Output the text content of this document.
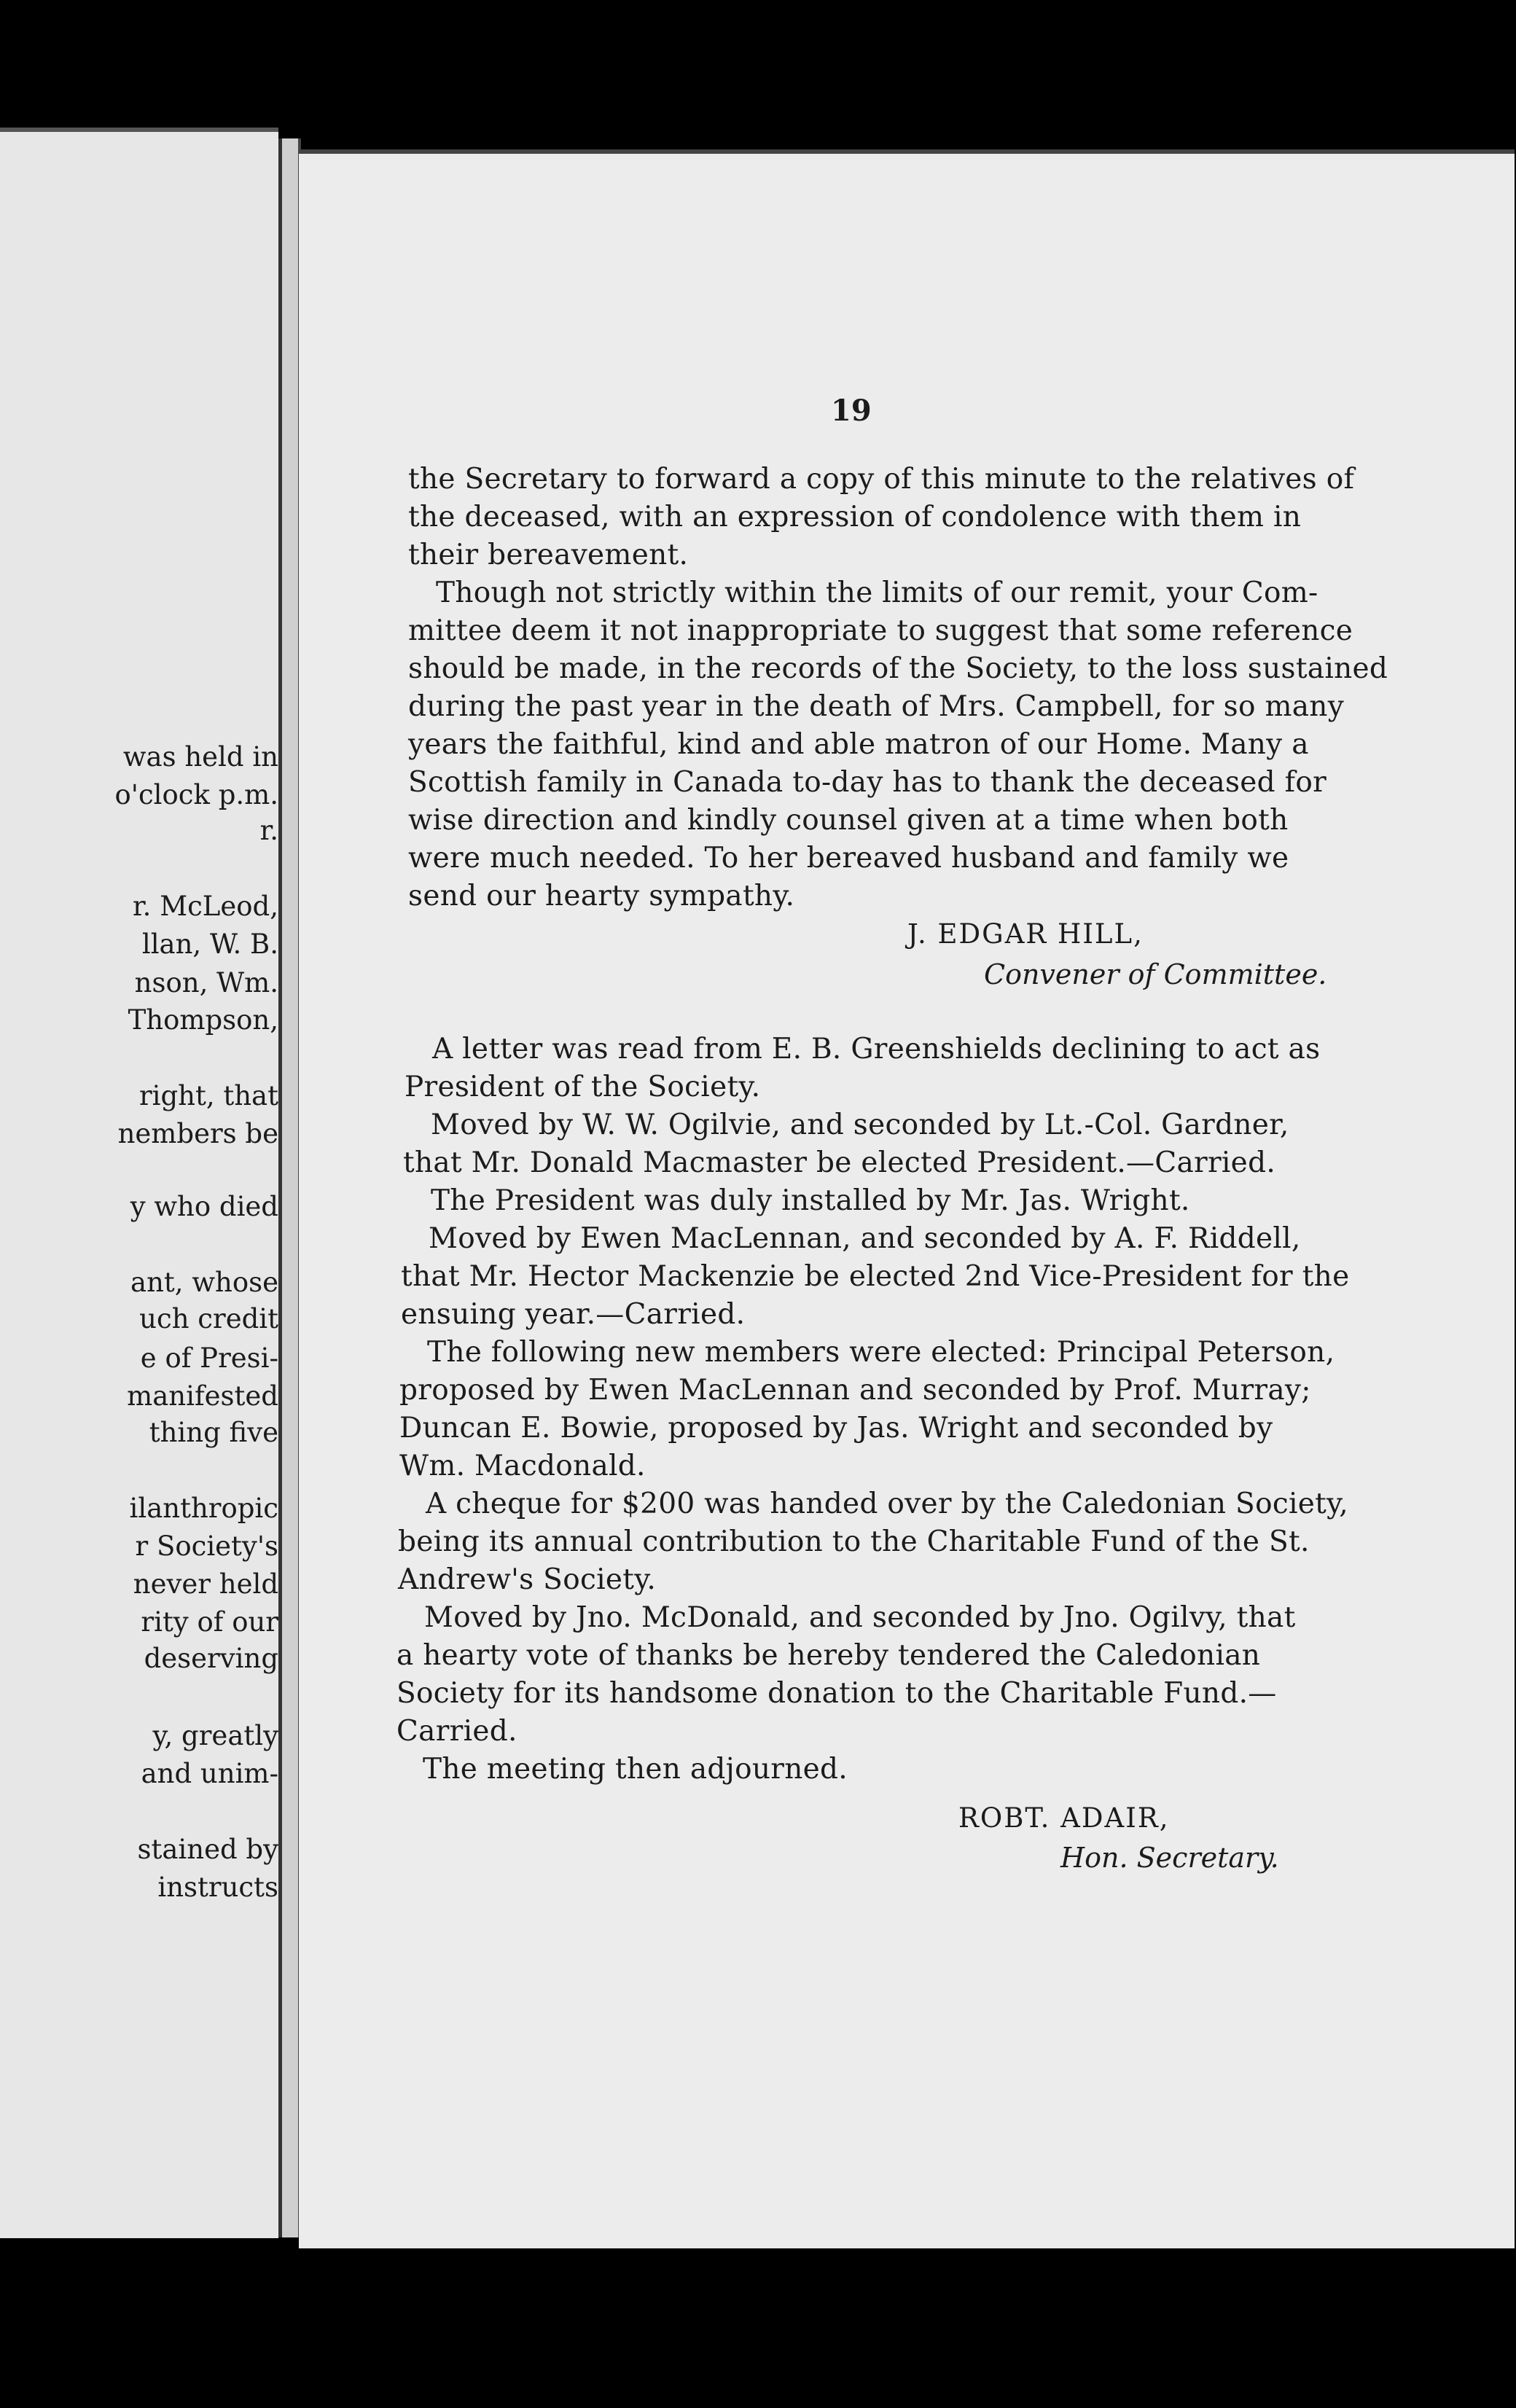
was held in
o'clock p.m.
r.
r. McLeod,
llan, W. B.
nson, Wm.
Thompson,
right, that
nembers be
y who died
ant, whose
uch credit
e of Presi-
manifested
thing five
ilanthropic
r Society's
never held
rity of our
deserving
y, greatly
and unim-
stained by
instructs
19
the Secretary to forward a copy of this minute to the relatives of
the deceased, with an expression of condolence with them in
their bereavement.
Though not strictly within the limits of our remit, your Com-
mittee deem it not inappropriate to suggest that some reference
should be made, in the records of the Society, to the loss sustained
during the past year in the death of Mrs. Campbell, for so many
years the faithful, kind and able matron of our Home. Many a
Scottish family in Canada to-day has to thank the deceased for
wise direction and kindly counsel given at a time when both
were much needed. To her bereaved husband and family we
send our hearty sympathy.
J. EDGAR HILL,
Convener of Committee.
A letter was read from E. B. Greenshields declining to act as
President of the Society.
Moved by W. W. Ogilvie, and seconded by Lt.-Col. Gardner,
that Mr. Donald Macmaster be elected President.—Carried.
The President was duly installed by Mr. Jas. Wright.
Moved by Ewen MacLennan, and seconded by A. F. Riddell,
that Mr. Hector Mackenzie be elected 2nd Vice-President for the
ensuing year.—Carried.
The following new members were elected: Principal Peterson,
proposed by Ewen MacLennan and seconded by Prof. Murray;
Duncan E. Bowie, proposed by Jas. Wright and seconded by
Wm. Macdonald.
A cheque for $200 was handed over by the Caledonian Society,
being its annual contribution to the Charitable Fund of the St.
Andrew's Society.
Moved by Jno. McDonald, and seconded by Jno. Ogilvy, that
a hearty vote of thanks be hereby tendered the Caledonian
Society for its handsome donation to the Charitable Fund.—
Carried.
The meeting then adjourned.
ROBT. ADAIR,
Hon. Secretary.
